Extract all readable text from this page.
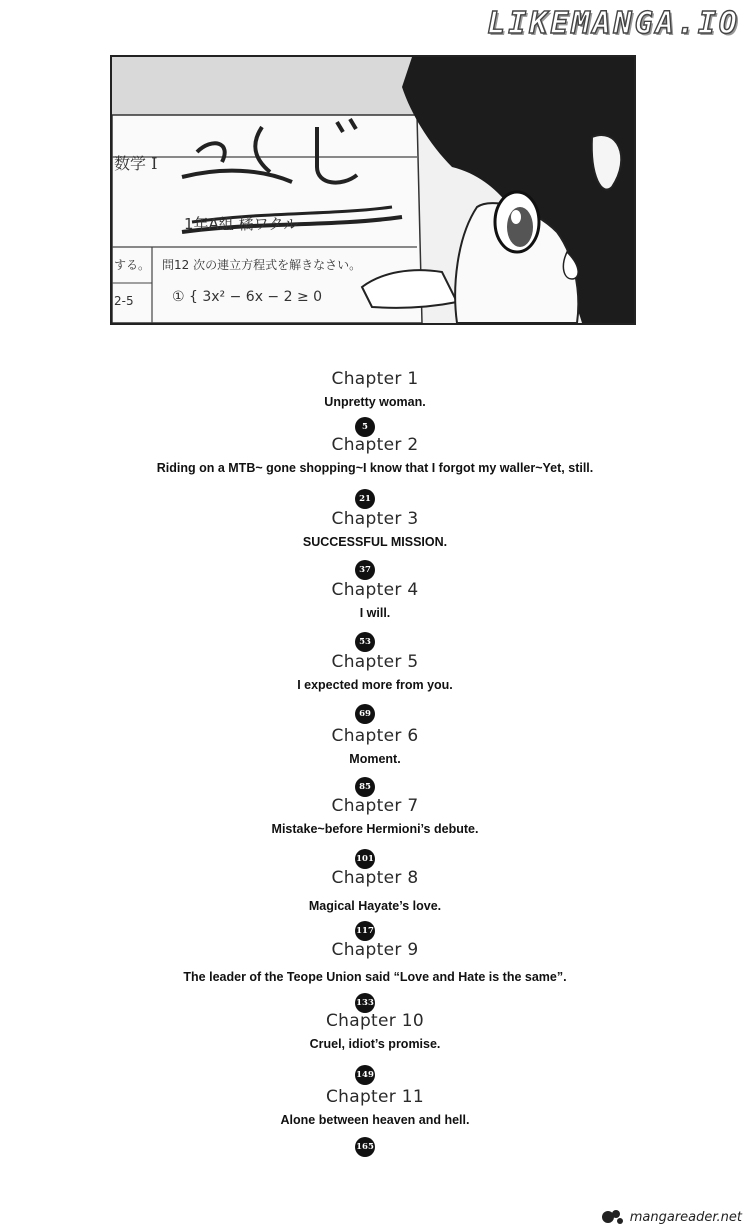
LIKEMANGA.IO
数学 I
1年A組 橘ワタル
問12 次の連立方程式を解きなさい。
① { 3x² − 6x − 2 ≥ 0
する。
2-5
Chapter 1
Unpretty woman.
5
Chapter 2
Riding on a MTB~ gone shopping~I know that I forgot my waller~Yet, still.
21
Chapter 3
SUCCESSFUL MISSION.
37
Chapter 4
I will.
53
Chapter 5
I expected more from you.
69
Chapter 6
Moment.
85
Chapter 7
Mistake~before Hermioni’s debute.
101
Chapter 8
Magical Hayate’s love.
117
Chapter 9
The leader of the Teope Union said “Love and Hate is the same”.
133
Chapter 10
Cruel, idiot’s promise.
149
Chapter 11
Alone between heaven and hell.
165
mangareader.net
